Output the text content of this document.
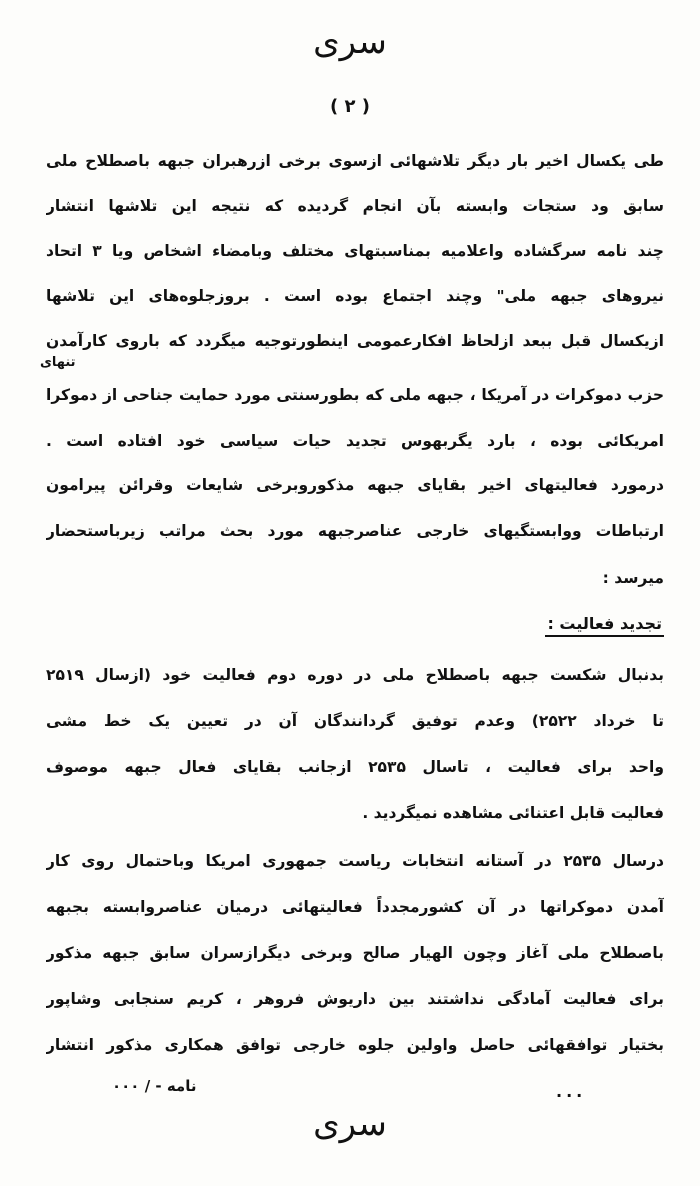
سری
( ۲ )
طی یکسال اخیر بار دیگر تلاشهائی ازسوی برخی ازرهبران جبهه باصطلاح ملی
سابق ود ستجات وابسته بآن انجام گردیده که نتیجه این تلاشها انتشار
چند نامه سرگشاده واعلامیه بمناسبتهای مختلف وبامضاء اشخاص ویا ۳ اتحاد
نیروهای جبهه ملی" وچند اجتماع بوده است . بروزجلوه‌های این تلاشها
ازیکسال قبل ببعد ازلحاظ افکارعمومی اینطورتوجیه میگردد که باروی کارآمدن
تنهای
حزب دموکرات در آمریکا ، جبهه ملی که بطورسنتی مورد حمایت جناحی از دموکرا
امریکائی بوده ، بارد یگربهوس تجدید حیات سیاسی خود افتاده است .
درمورد فعالیتهای اخیر بقایای جبهه مذکوروبرخی شایعات وقرائن پیرامون
ارتباطات ووابستگیهای خارجی عناصرجبهه مورد بحث مراتب زیرباستحضار
میرسد :
تجدید فعالیت :
بدنبال شکست جبهه باصطلاح ملی در دوره دوم فعالیت خود (ازسال ۲۵۱۹
تا خرداد ۲۵۲۲) وعدم توفیق گردانندگان آن در تعیین یک خط مشی
واحد برای فعالیت ، تاسال ۲۵۳۵ ازجانب بقایای فعال جبهه موصوف
فعالیت قابل اعتنائی مشاهده نمیگردید .
درسال ۲۵۳۵ در آستانه انتخابات ریاست جمهوری امریکا وباحتمال روی کار
آمدن دموکراتها در آن کشورمجدداً فعالیتهائی درمیان عناصروابسته بجبهه
باصطلاح ملی آغاز وچون الهیار صالح وبرخی دیگرازسران سابق جبهه مذکور
برای فعالیت آمادگی نداشتند بین داریوش فروهر ، کریم سنجابی وشاپور
بختیار توافقهائی حاصل واولین جلوه خارجی توافق همکاری مذکور انتشار
نامه - / ۰۰۰	...
سری
